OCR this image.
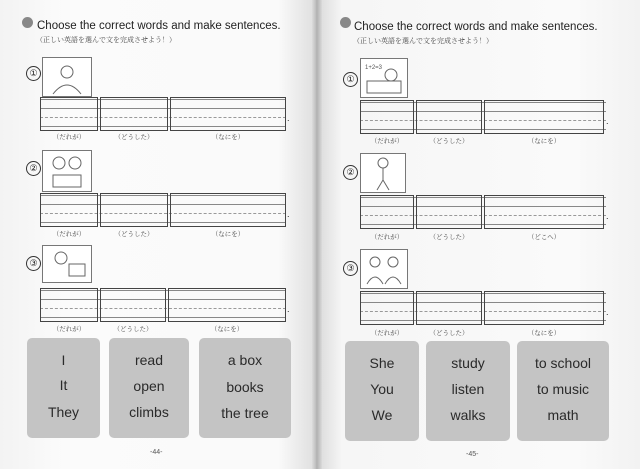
Choose the correct words and make sentences.
（正しい英語を選んで文を完成させよう！）
①
.
（だれが）	（どうした）	（なにを）
②
.
（だれが）	（どうした）	（なにを）
③
.
（だれが）	（どうした）	（なにを）
I
It
They
read
open
climbs
a box
books
the tree
-44-
Choose the correct words and make sentences.
（正しい英語を選んで文を完成させよう！）
①
1+2=3
.
（だれが）	（どうした）	（なにを）
②
.
（だれが）	（どうした）	（どこへ）
③
.
（だれが）	（どうした）	（なにを）
She
You
We
study
listen
walks
to school
to music
math
-45-
